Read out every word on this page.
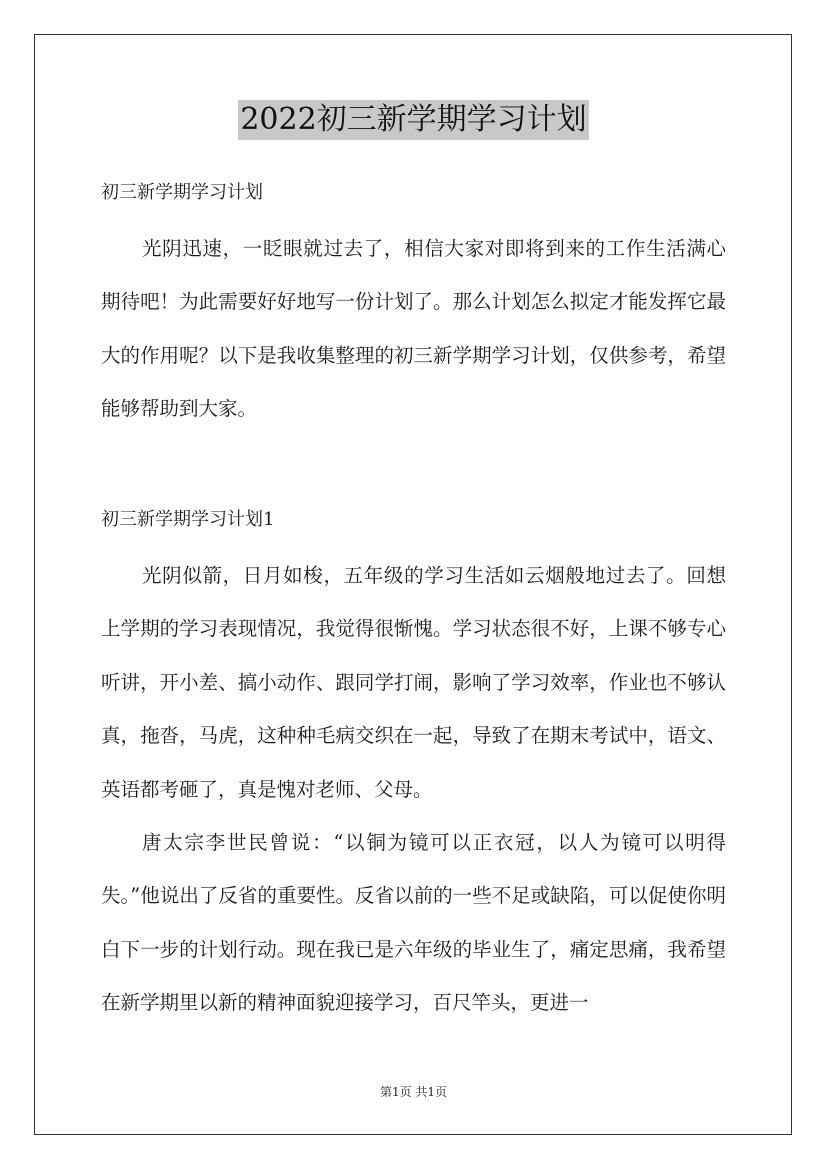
2022初三新学期学习计划
初三新学期学习计划

光阴迅速，一眨眼就过去了，相信大家对即将到来的工作生活满心期待吧！为此需要好好地写一份计划了。那么计划怎么拟定才能发挥它最大的作用呢？以下是我收集整理的初三新学期学习计划，仅供参考，希望能够帮助到大家。

初三新学期学习计划1

光阴似箭，日月如梭，五年级的学习生活如云烟般地过去了。回想上学期的学习表现情况，我觉得很惭愧。学习状态很不好，上课不够专心听讲，开小差、搞小动作、跟同学打闹，影响了学习效率，作业也不够认真，拖沓，马虎，这种种毛病交织在一起，导致了在期末考试中，语文、英语都考砸了，真是愧对老师、父母。

唐太宗李世民曾说：“以铜为镜可以正衣冠，以人为镜可以明得失。”他说出了反省的重要性。反省以前的一些不足或缺陷，可以促使你明白下一步的计划行动。现在我已是六年级的毕业生了，痛定思痛，我希望在新学期里以新的精神面貌迎接学习，百尺竿头，更进一

第1页 共1页
